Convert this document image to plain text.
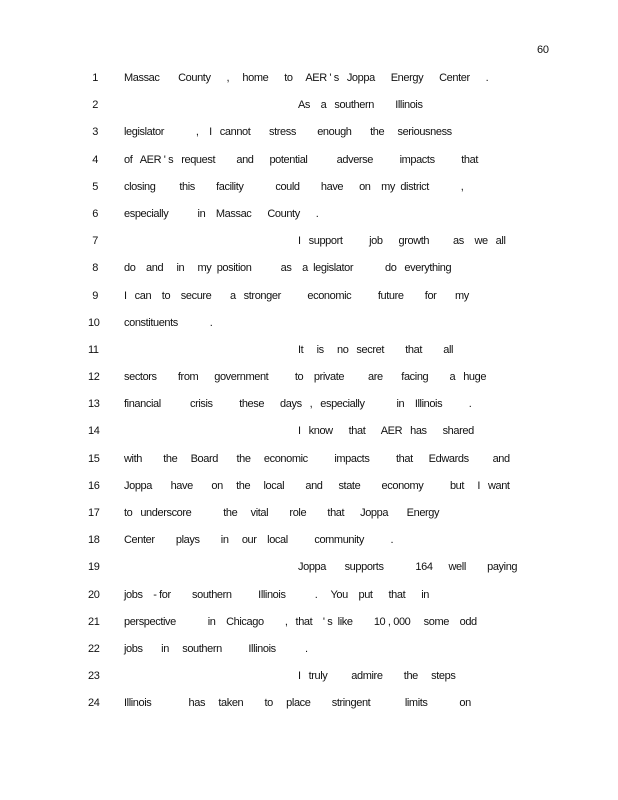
60
1 Massac       County      ,     home      to     AER ' s   Joppa      Energy      Center      .
2	As    a   southern        Illinois
3 legislator            ,    I   cannot       stress        enough       the     seriousness
4 of   AER ' s   request        and      potential           adverse          impacts          that
5 closing         this        facility            could        have      on    my  district            ,
6 especially           in    Massac      County      .
7	I   support          job      growth         as    we   all
8 do    and     in     my  position           as    a  legislator            do   everything
9 I   can    to    secure       a   stronger          economic          future        for       my
10 constituents            .
11	It     is     no   secret        that        all
12 sectors        from      government          to    private         are       facing        a   huge
13 financial           crisis          these      days   ,   especially            in    Illinois          .
14	I   know      that      AER   has      shared
15 with        the     Board       the     economic          impacts          that      Edwards         and
16 Joppa       have       on     the     local        and      state        economy          but     I   want
17 to   underscore            the     vital        role        that      Joppa       Energy
18 Center        plays        in     our    local          community          .
19	Joppa       supports            164      well        paying
20 jobs    - for        southern          Illinois           .     You    put      that      in
21 perspective            in    Chicago        ,   that    ' s  like        10 , 000     some    odd
22 jobs       in     southern          Illinois           .
23	I   truly         admire        the     steps
24 Illinois              has     taken        to     place        stringent             limits            on
